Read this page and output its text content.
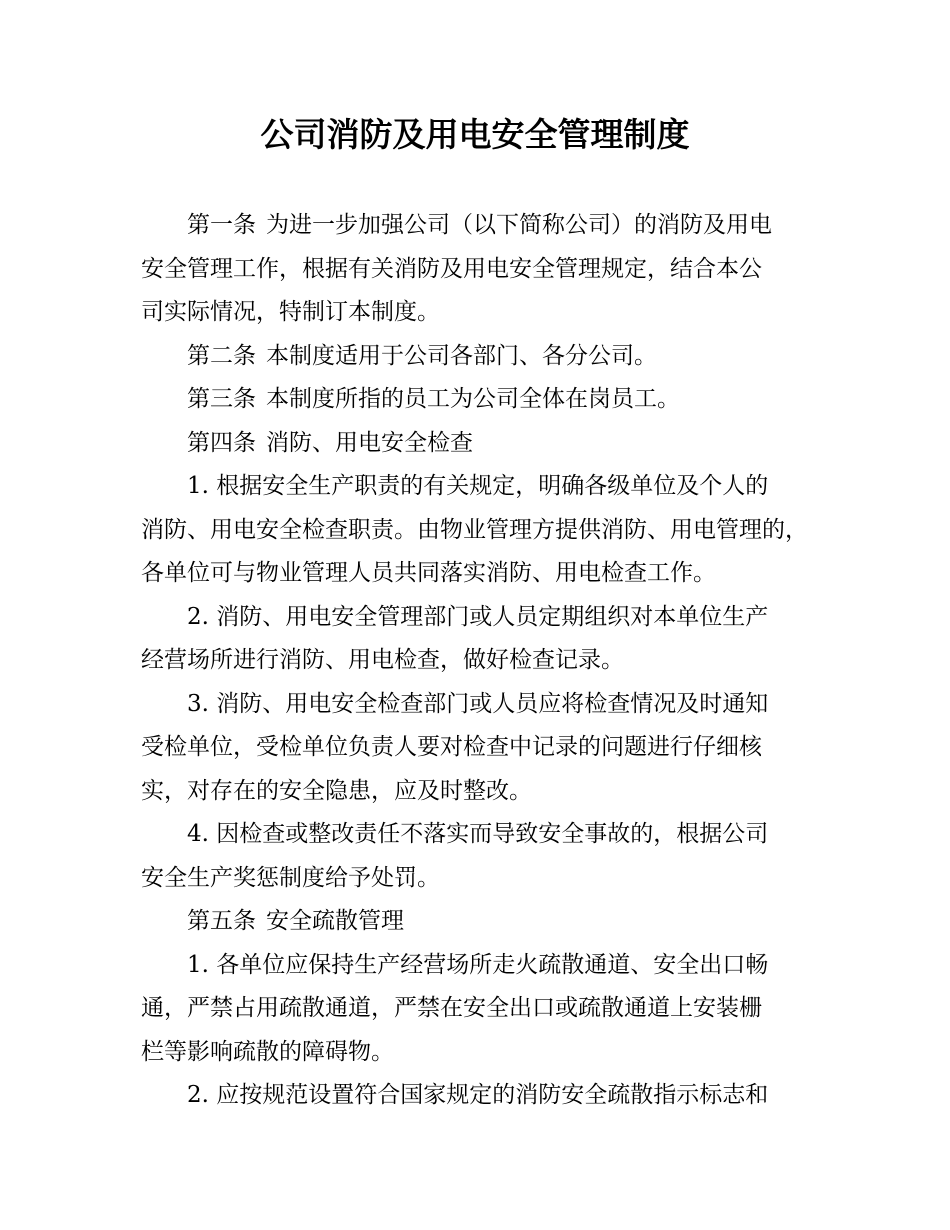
公司消防及用电安全管理制度

第一条 为进一步加强公司（以下简称公司）的消防及用电
安全管理工作，根据有关消防及用电安全管理规定，结合本公
司实际情况，特制订本制度。

第二条 本制度适用于公司各部门、各分公司。

第三条 本制度所指的员工为公司全体在岗员工。

第四条 消防、用电安全检查

1. 根据安全生产职责的有关规定，明确各级单位及个人的
消防、用电安全检查职责。由物业管理方提供消防、用电管理的，
各单位可与物业管理人员共同落实消防、用电检查工作。

2. 消防、用电安全管理部门或人员定期组织对本单位生产
经营场所进行消防、用电检查，做好检查记录。

3. 消防、用电安全检查部门或人员应将检查情况及时通知
受检单位，受检单位负责人要对检查中记录的问题进行仔细核
实，对存在的安全隐患，应及时整改。

4. 因检查或整改责任不落实而导致安全事故的，根据公司
安全生产奖惩制度给予处罚。

第五条 安全疏散管理

1. 各单位应保持生产经营场所走火疏散通道、安全出口畅
通，严禁占用疏散通道，严禁在安全出口或疏散通道上安装栅
栏等影响疏散的障碍物。

2. 应按规范设置符合国家规定的消防安全疏散指示标志和
